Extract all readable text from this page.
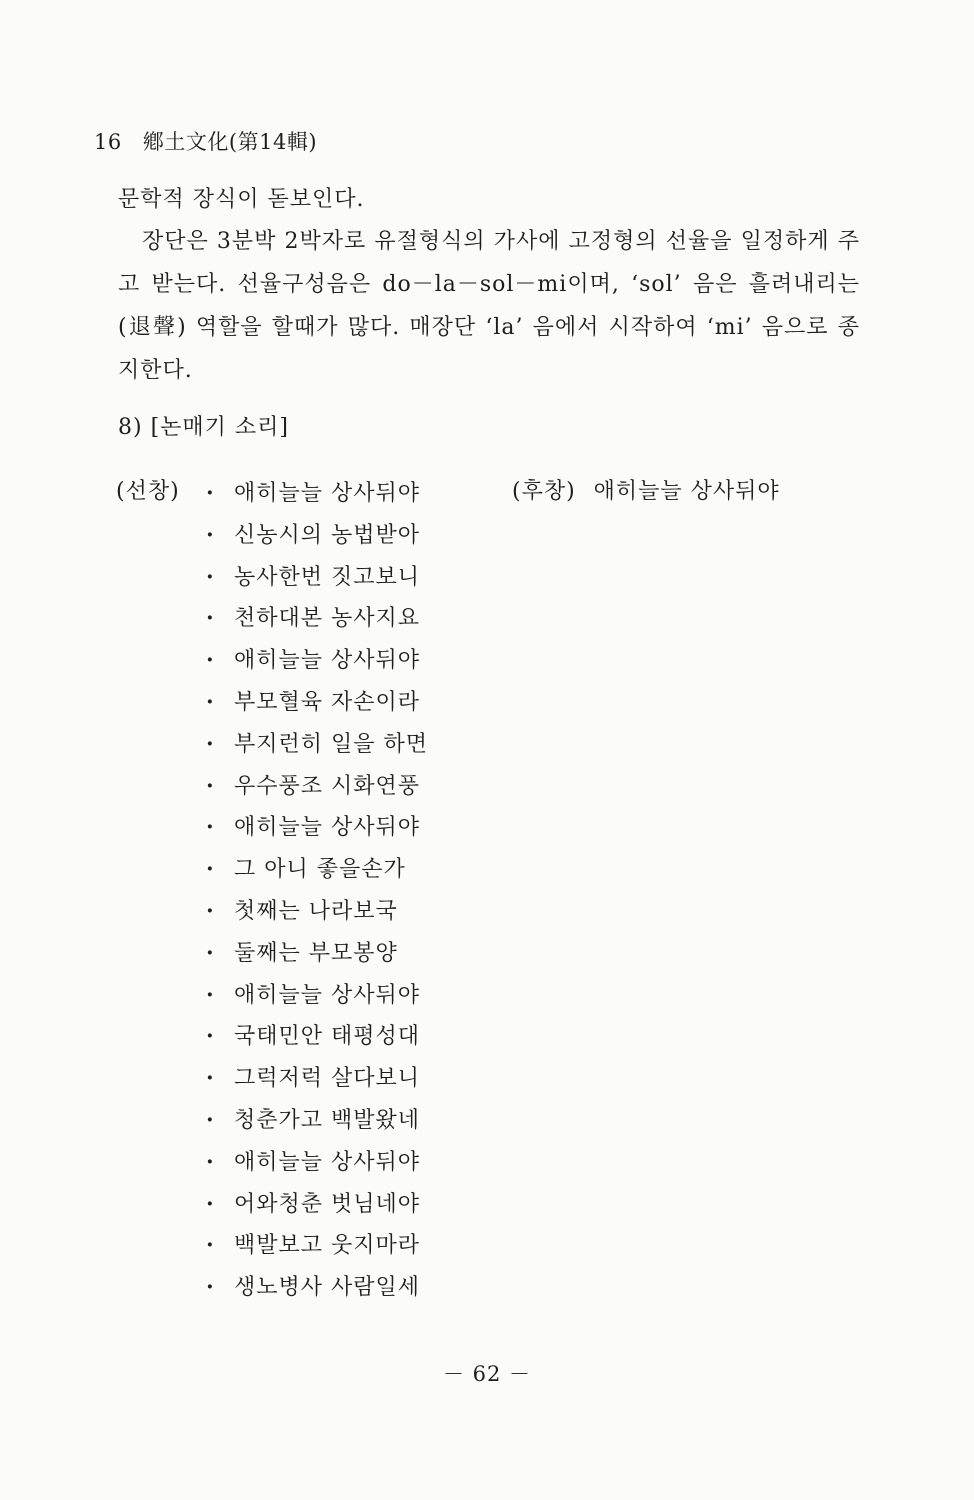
16 鄕土文化(第14輯)
문학적 장식이 돋보인다.
장단은 3분박 2박자로 유절형식의 가사에 고정형의 선율을 일정하게 주고 받는다. 선율구성음은 do－la－sol－mi이며, ‘sol’ 음은 흘려내리는(退聲) 역할을 할때가 많다. 매장단 ‘la’ 음에서 시작하여 ‘mi’ 음으로 종지한다.
8) [논매기 소리]
(선창) · 애히늘늘 상사뒤야
· 신농시의 농법받아
· 농사한번 짓고보니
· 천하대본 농사지요
· 애히늘늘 상사뒤야
· 부모혈육 자손이라
· 부지런히 일을 하면
· 우수풍조 시화연풍
· 애히늘늘 상사뒤야
· 그 아니 좋을손가
· 첫째는 나라보국
· 둘째는 부모봉양
· 애히늘늘 상사뒤야
· 국태민안 태평성대
· 그럭저럭 살다보니
· 청춘가고 백발왔네
· 애히늘늘 상사뒤야
· 어와청춘 벗님네야
· 백발보고 웃지마라
· 생노병사 사람일세
(후창) 애히늘늘 상사뒤야
－ 62 －
